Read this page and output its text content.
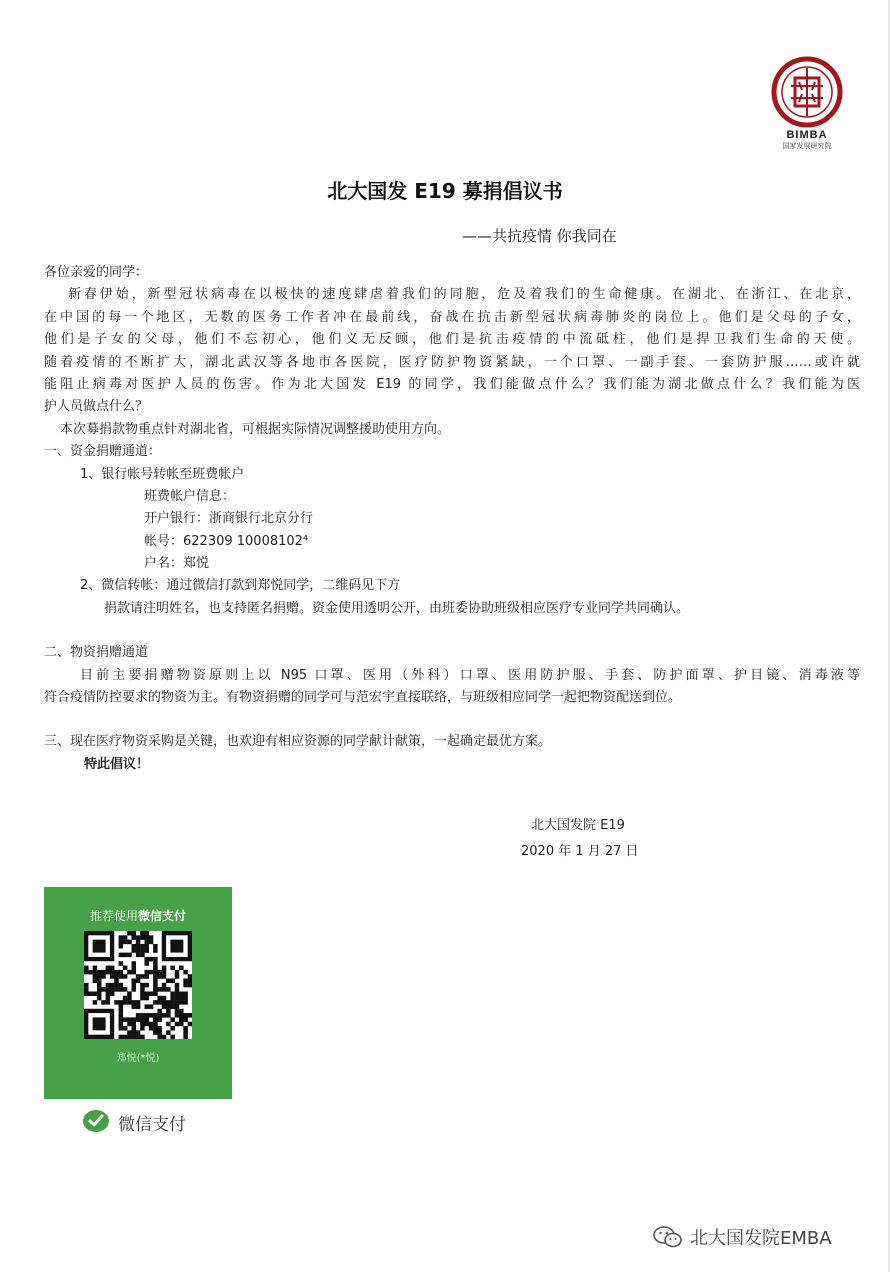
BIMBA
国家发展研究院
北大国发 E19 募捐倡议书
——共抗疫情 你我同在
各位亲爱的同学：
新春伊始，新型冠状病毒在以极快的速度肆虐着我们的同胞，危及着我们的生命健康。在湖北、在浙江、在北京，
在中国的每一个地区，无数的医务工作者冲在最前线，奋战在抗击新型冠状病毒肺炎的岗位上。他们是父母的子女，
他们是子女的父母，他们不忘初心，他们义无反顾，他们是抗击疫情的中流砥柱，他们是捍卫我们生命的天使。
随着疫情的不断扩大，湖北武汉等各地市各医院，医疗防护物资紧缺，一个口罩、一副手套、一套防护服……或许就
能阻止病毒对医护人员的伤害。作为北大国发 E19 的同学，我们能做点什么？我们能为湖北做点什么？我们能为医
护人员做点什么？
本次募捐款物重点针对湖北省，可根据实际情况调整援助使用方向。
一、资金捐赠通道：
1、银行帐号转帐至班费帐户
班费帐户信息：
开户银行：浙商银行北京分行
帐号：622309 10008102⁴
户名：郑悦
2、微信转帐：通过微信打款到郑悦同学，二维码见下方
捐款请注明姓名，也支持匿名捐赠。资金使用透明公开，由班委协助班级相应医疗专业同学共同确认。
二、物资捐赠通道
目前主要捐赠物资原则上以 N95 口罩、医用（外科）口罩、医用防护服、手套、防护面罩、护目镜、消毒液等
符合疫情防控要求的物资为主。有物资捐赠的同学可与范宏宇直接联络，与班级相应同学一起把物资配送到位。
三、现在医疗物资采购是关键，也欢迎有相应资源的同学献计献策，一起确定最优方案。
特此倡议！
北大国发院 E19
2020 年 1 月 27 日
推荐使用微信支付
郑悦(*悦)
微信支付
北大国发院EMBA
